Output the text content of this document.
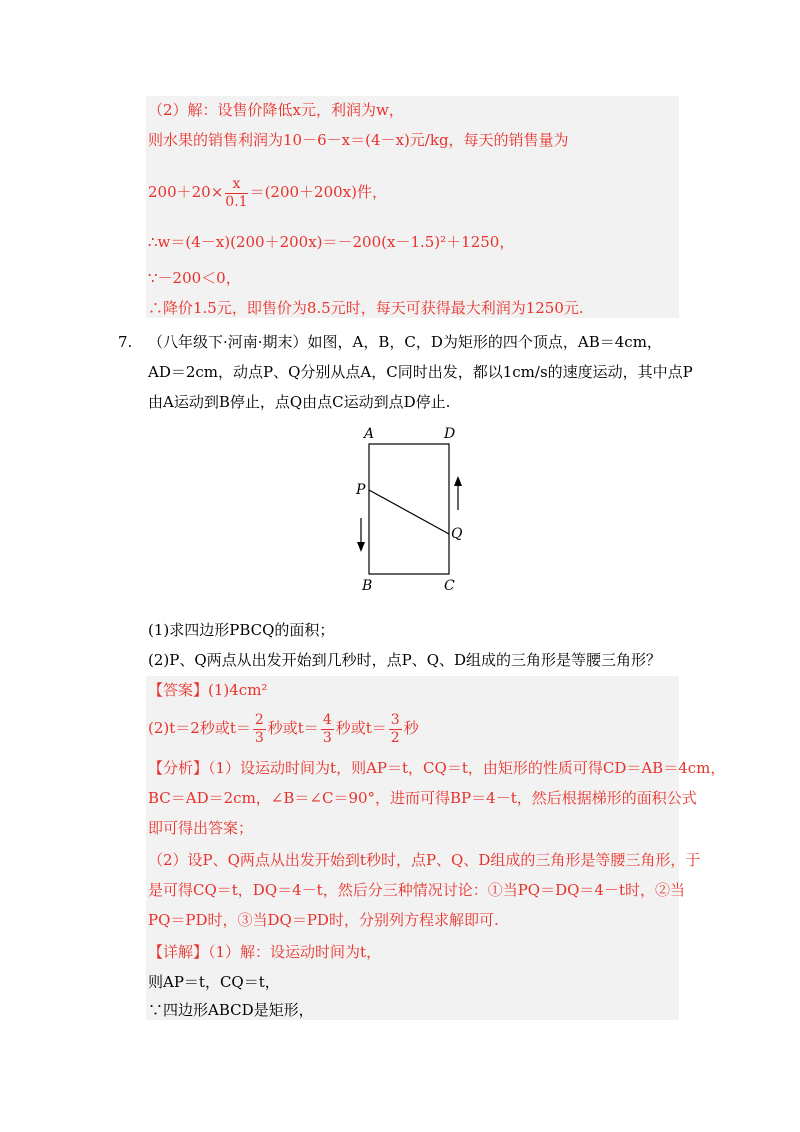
（2）解：设售价降低x元，利润为w，
则水果的销售利润为10－6－x＝(4－x)元/kg，每天的销售量为
$200+20\times \frac{x}{0.1} =(200+200x)$件，
∴w＝(4－x)(200＋200x)＝－200(x－1.5)²＋1250，
∵－200＜0，
∴降价1.5元，即售价为8.5元时，每天可获得最大利润为1250元.
7. （八年级下·河南·期末）如图，A，B，C，D为矩形的四个顶点，AB＝4cm，
AD＝2cm，动点P、Q分别从点A，C同时出发，都以1cm/s的速度运动，其中点P
由A运动到B停止，点Q由点C运动到点D停止.
A	D
P
Q
B	C
(1)求四边形PBCQ的面积；
(2)P、Q两点从出发开始到几秒时，点P、Q、D组成的三角形是等腰三角形？
【答案】(1)4cm²
(2)t＝2秒或$t= \frac{2}{3}$ 秒或$t= \frac{4}{3}$ 秒或$t= \frac{3}{2}$ 秒
【分析】（1）设运动时间为t，则AP＝t，CQ＝t，由矩形的性质可得CD＝AB＝4cm，
BC＝AD＝2cm，∠B＝∠C＝90°，进而可得BP＝4－t，然后根据梯形的面积公式
即可得出答案；
（2）设P、Q两点从出发开始到t秒时，点P、Q、D组成的三角形是等腰三角形，于
是可得CQ＝t，DQ＝4－t，然后分三种情况讨论：①当PQ＝DQ＝4－t时，②当
PQ＝PD时，③当DQ＝PD时，分别列方程求解即可.
【详解】（1）解：设运动时间为t，
则AP＝t，CQ＝t，
∵四边形ABCD是矩形，
